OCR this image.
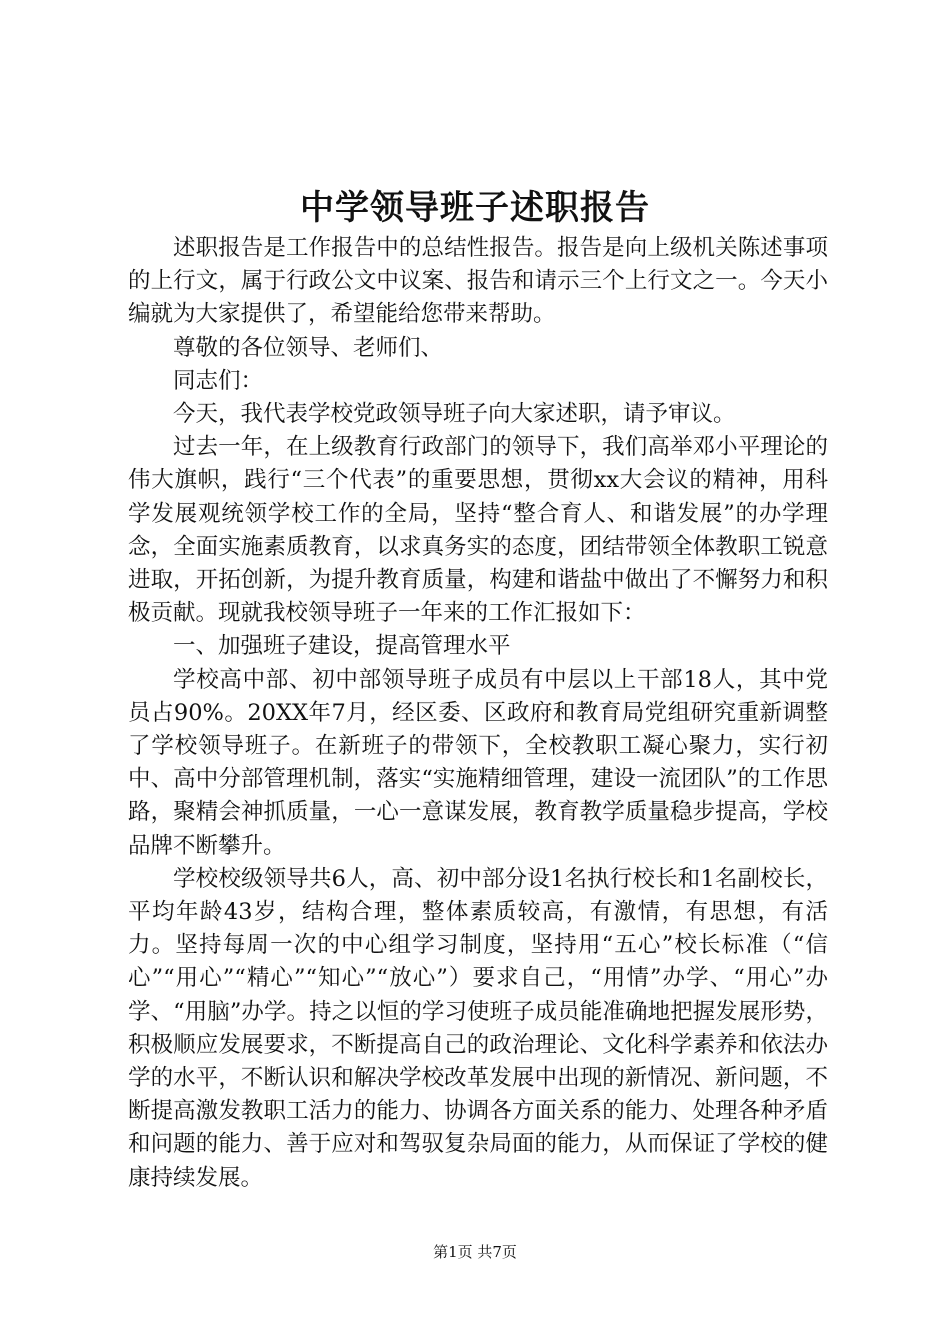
中学领导班子述职报告

述职报告是工作报告中的总结性报告。报告是向上级机关陈述事项的上行文，属于行政公文中议案、报告和请示三个上行文之一。今天小编就为大家提供了，希望能给您带来帮助。

尊敬的各位领导、老师们、

同志们：

今天，我代表学校党政领导班子向大家述职，请予审议。

过去一年，在上级教育行政部门的领导下，我们高举邓小平理论的伟大旗帜，践行“三个代表”的重要思想，贯彻xx大会议的精神，用科学发展观统领学校工作的全局，坚持“整合育人、和谐发展”的办学理念，全面实施素质教育，以求真务实的态度，团结带领全体教职工锐意进取，开拓创新，为提升教育质量，构建和谐盐中做出了不懈努力和积极贡献。现就我校领导班子一年来的工作汇报如下：

一、加强班子建设，提高管理水平

学校高中部、初中部领导班子成员有中层以上干部18人，其中党员占90%。20XX年7月，经区委、区政府和教育局党组研究重新调整了学校领导班子。在新班子的带领下，全校教职工凝心聚力，实行初中、高中分部管理机制，落实“实施精细管理，建设一流团队”的工作思路，聚精会神抓质量，一心一意谋发展，教育教学质量稳步提高，学校品牌不断攀升。

学校校级领导共6人，高、初中部分设1名执行校长和1名副校长，平均年龄43岁，结构合理，整体素质较高，有激情，有思想，有活力。坚持每周一次的中心组学习制度，坚持用“五心”校长标准（“信心”“用心”“精心”“知心”“放心”）要求自己，“用情”办学、“用心”办学、“用脑”办学。持之以恒的学习使班子成员能准确地把握发展形势，积极顺应发展要求，不断提高自己的政治理论、文化科学素养和依法办学的水平，不断认识和解决学校改革发展中出现的新情况、新问题，不断提高激发教职工活力的能力、协调各方面关系的能力、处理各种矛盾和问题的能力、善于应对和驾驭复杂局面的能力，从而保证了学校的健康持续发展。

第1页 共7页
